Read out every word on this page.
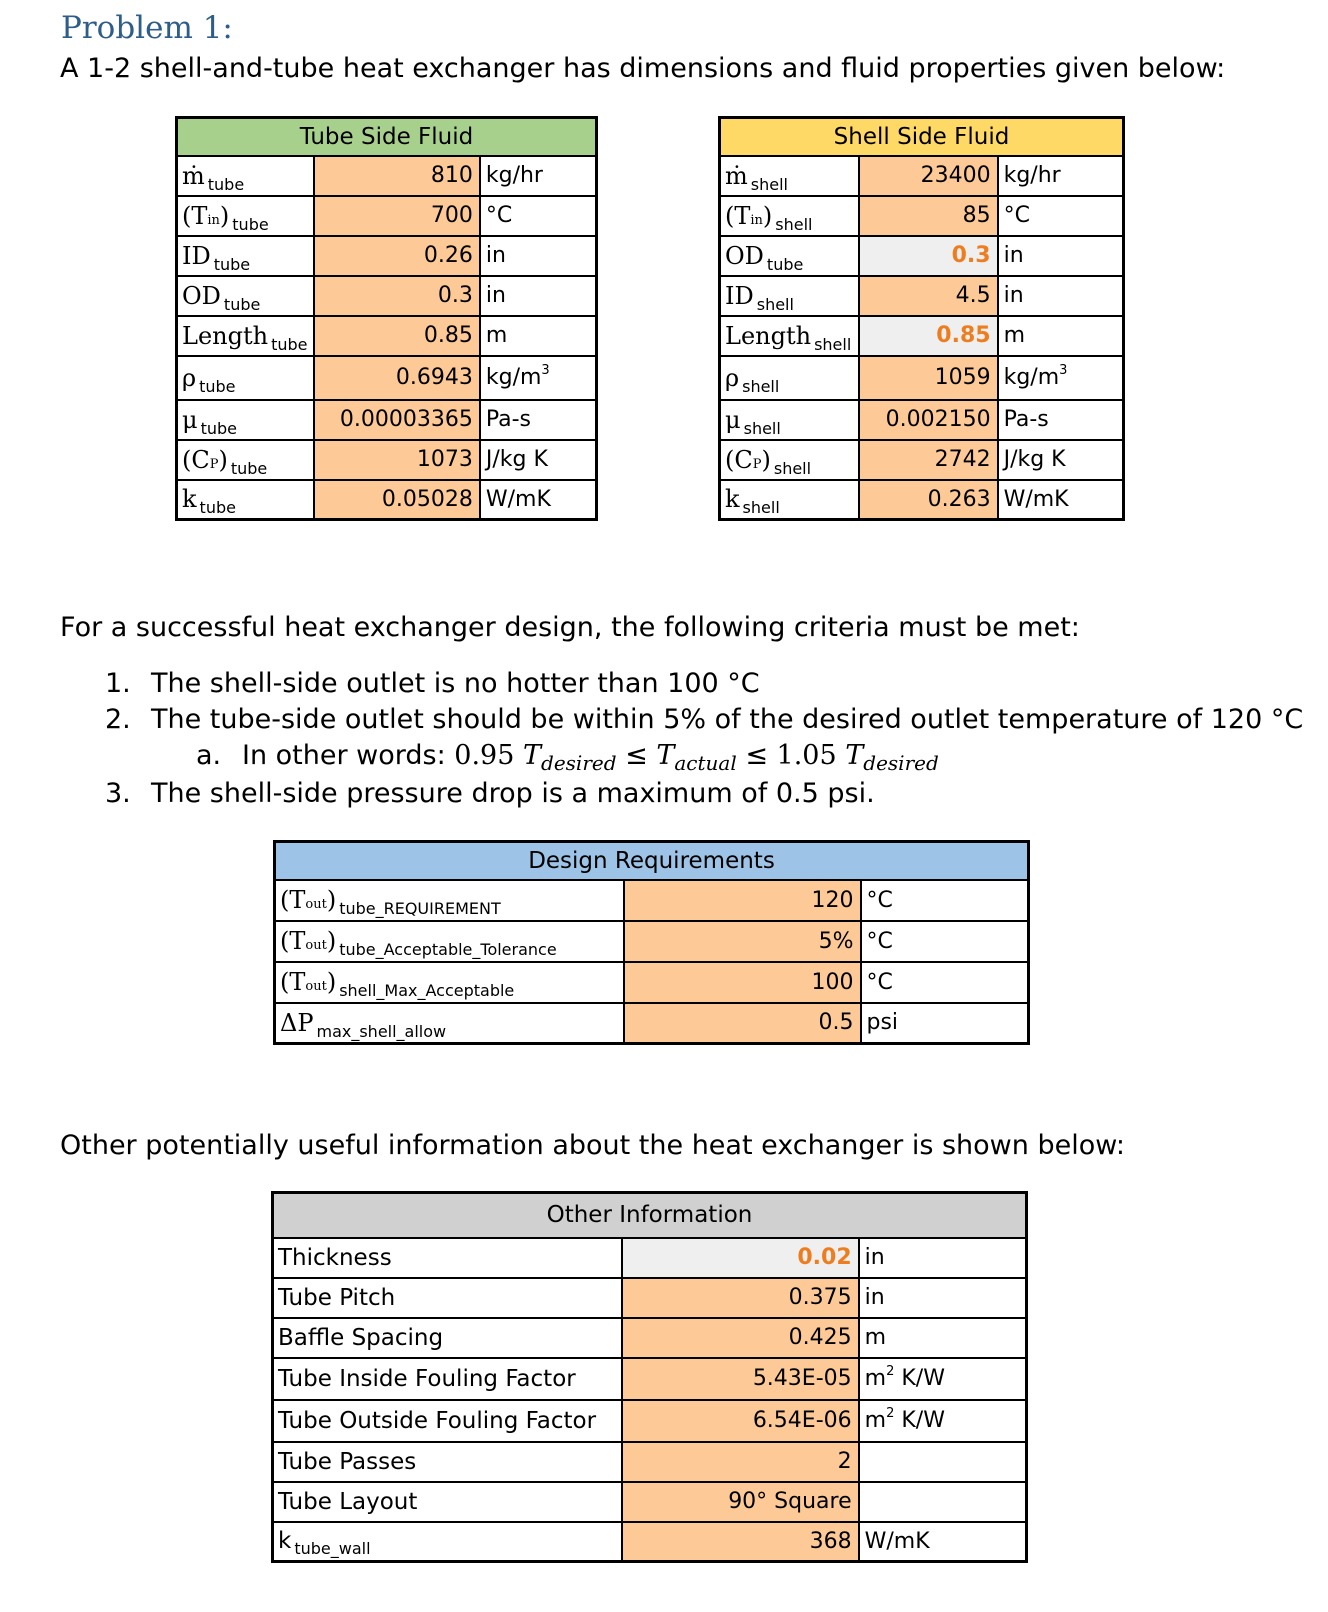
Problem 1:
A 1-2 shell-and-tube heat exchanger has dimensions and fluid properties given below:
Tube Side Fluid		
ṁ $_{tube}$	810	kg/hr
(Tin) $_{tube}$	700	°C
ID $_{tube}$	0.26	in
OD $_{tube}$	0.3	in
Length $_{tube}$	0.85	m
ρ $_{tube}$	0.6943	$kg/m^3$
μ $_{tube}$	0.00003365	Pa-s
(CP) $_{tube}$	1073	J/kg K
k $_{tube}$	0.05028	W/mK
Shell Side Fluid		
ṁ $_{shell}$	23400	kg/hr
(Tin) $_{shell}$	85	°C
OD $_{tube}$	0.3	in
ID $_{shell}$	4.5	in
Length $_{shell}$	0.85	m
ρ $_{shell}$	1059	$kg/m^3$
μ $_{shell}$	0.002150	Pa-s
(CP) $_{shell}$	2742	J/kg K
k $_{shell}$	0.263	W/mK
For a successful heat exchanger design, the following criteria must be met:
1. The shell-side outlet is no hotter than 100 °C
2. The tube-side outlet should be within 5% of the desired outlet temperature of 120 °C
a. In other words: 0.95 $T_{desired} \le T_{actual} \le 1.05$ $T_{desired}$
3. The shell-side pressure drop is a maximum of 0.5 psi.
Design Requirements		
(Tout) $_{tube\_REQUIREMENT}$	120	°C
(Tout) $_{tube\_Acceptable\_Tolerance}$	5%	°C
(Tout) $_{shell\_Max\_Acceptable}$	100	°C
ΔP $_{max\_shell\_allow}$	0.5	psi
Other potentially useful information about the heat exchanger is shown below:
Other Information		
Thickness	0.02	in
Tube Pitch	0.375	in
Baffle Spacing	0.425	m
Tube Inside Fouling Factor	5.43E-05	$m^2$ K/W
Tube Outside Fouling Factor	6.54E-06	$m^2$ K/W
Tube Passes	2	
Tube Layout	90° Square	
k $_{tube\_wall}$	368	W/mK
